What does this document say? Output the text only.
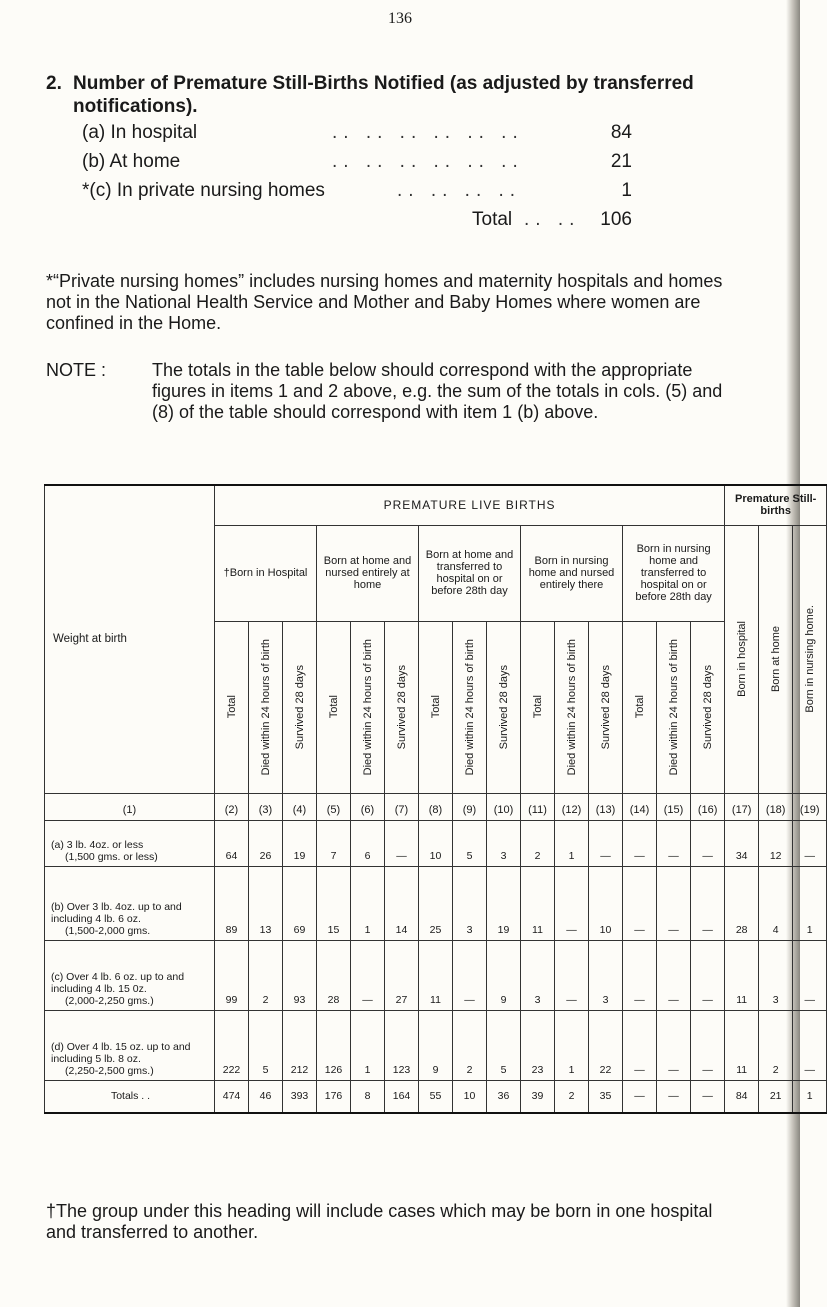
136
2. Number of Premature Still-Births Notified (as adjusted by transferred notifications).
(a) In hospital	.. .. .. .. .. ..	84
(b) At home	.. .. .. .. .. ..	21
*(c) In private nursing homes	.. .. .. ..	1
Total .. ..	106
*“Private nursing homes” includes nursing homes and maternity hospitals and homes not in the National Health Service and Mother and Baby Homes where women are confined in the Home.
NOTE :	The totals in the table below should correspond with the appropriate figures in items 1 and 2 above, e.g. the sum of the totals in cols. (5) and (8) of the table should correspond with item 1 (b) above.
Weight at birth	PREMATURE LIVE BIRTHS															Premature Still-births		
	†Born in Hospital			Born at home and nursed entirely at home			Born at home and transferred to hospital on or before 28th day			Born in nursing home and nursed entirely there			Born in nursing home and transferred to hospital on or before 28th day			Born in hospital	Born at home	Born in nursing home.

	Total	Died within 24 hours of birth	Survived 28 days	Total	Died within 24 hours of birth	Survived 28 days	Total	Died within 24 hours of birth	Survived 28 days	Total	Died within 24 hours of birth	Survived 28 days	Total	Died within 24 hours of birth	Survived 28 days			

(1)	(2)	(3)	(4)	(5)	(6)	(7)	(8)	(9)	(10)	(11)	(12)	(13)	(14)	(15)	(16)	(17)	(18)	(19)

(a) 3 lb. 4oz. or less
(1,500 gms. or less)	64	26	19	7	6	—	10	5	3	2	1	—	—	—	—	34	12	—

(b) Over 3 lb. 4oz. up to and including 4 lb. 6 oz.
(1,500-2,000 gms.	89	13	69	15	1	14	25	3	19	11	—	10	—	—	—	28	4	1

(c) Over 4 lb. 6 oz. up to and including 4 lb. 15 0z.
(2,000-2,250 gms.)	99	2	93	28	—	27	11	—	9	3	—	3	—	—	—	11	3	—

(d) Over 4 lb. 15 oz. up to and including 5 lb. 8 oz.
(2,250-2,500 gms.)	222	5	212	126	1	123	9	2	5	23	1	22	—	—	—	11	2	—
Totals . .	474	46	393	176	8	164	55	10	36	39	2	35	—	—	—	84	21	1
†The group under this heading will include cases which may be born in one hospital and transferred to another.
